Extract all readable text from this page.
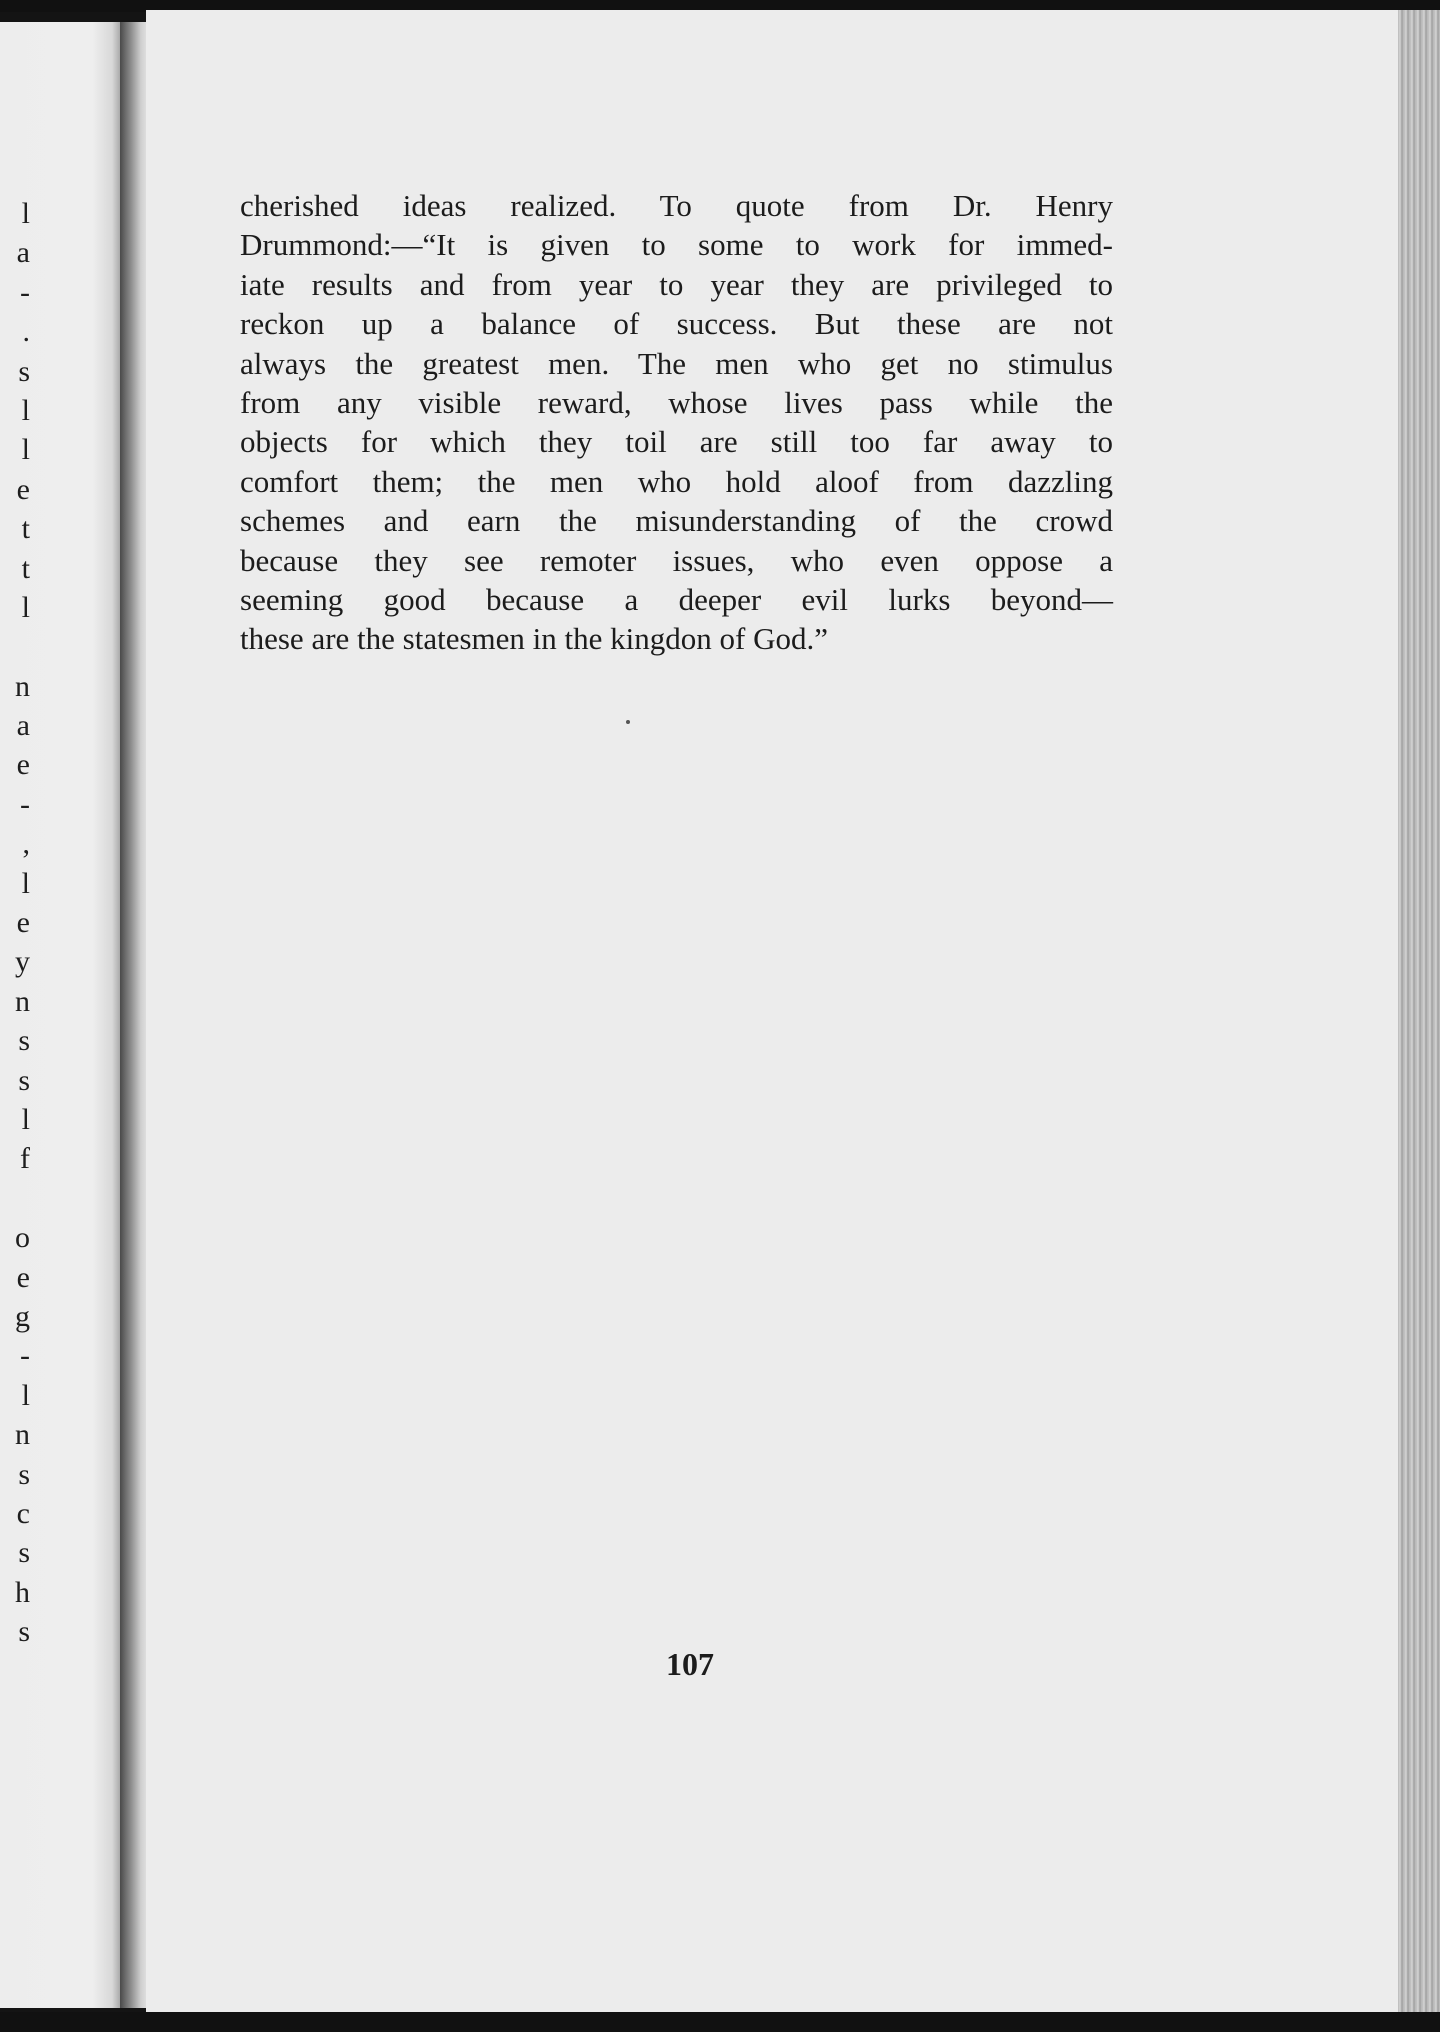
l
a
-
.
s
l
l
e
t
t
l
n
a
e
-
,
l
e
y
n
s
s
l
f
o
e
g
-
l
n
s
c
s
h
s
cherished ideas realized. To quote from Dr. Henry
Drummond:—“It is given to some to work for immed-
iate results and from year to year they are privileged to
reckon up a balance of success. But these are not
always the greatest men. The men who get no stimulus
from any visible reward, whose lives pass while the
objects for which they toil are still too far away to
comfort them; the men who hold aloof from dazzling
schemes and earn the misunderstanding of the crowd
because they see remoter issues, who even oppose a
seeming good because a deeper evil lurks beyond—
these are the statesmen in the kingdon of God.”
107
